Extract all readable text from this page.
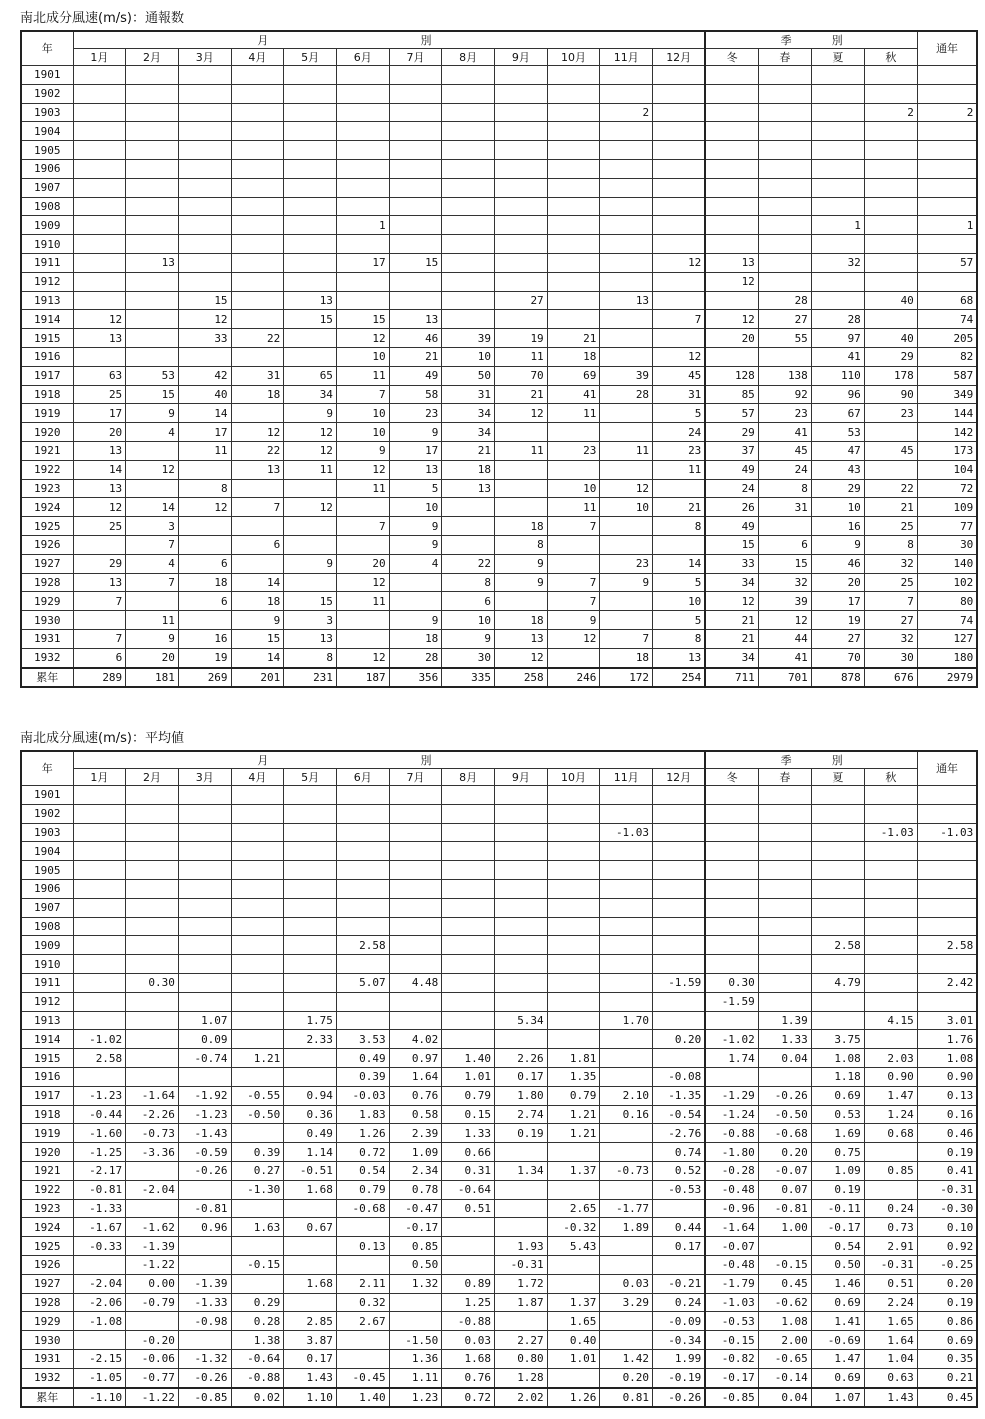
南北成分風速(m/s)：通報数
年	月 別												季 別				通年
	1月	2月	3月	4月	5月	6月	7月	8月	9月	10月	11月	12月	冬	春	夏	秋	
1901																	
1902																	
1903											2					2	2
1904																	
1905																	
1906																	
1907																	
1908																	
1909						1									1		1
1910																	
1911		13				17	15					12	13		32		57
1912													12				
1913			15		13				27		13			28		40	68
1914	12		12		15	15	13					7	12	27	28		74
1915	13		33	22		12	46	39	19	21			20	55	97	40	205
1916						10	21	10	11	18		12			41	29	82
1917	63	53	42	31	65	11	49	50	70	69	39	45	128	138	110	178	587
1918	25	15	40	18	34	7	58	31	21	41	28	31	85	92	96	90	349
1919	17	9	14		9	10	23	34	12	11		5	57	23	67	23	144
1920	20	4	17	12	12	10	9	34				24	29	41	53		142
1921	13		11	22	12	9	17	21	11	23	11	23	37	45	47	45	173
1922	14	12		13	11	12	13	18				11	49	24	43		104
1923	13		8			11	5	13		10	12		24	8	29	22	72
1924	12	14	12	7	12		10			11	10	21	26	31	10	21	109
1925	25	3				7	9		18	7		8	49		16	25	77
1926		7		6			9		8				15	6	9	8	30
1927	29	4	6		9	20	4	22	9		23	14	33	15	46	32	140
1928	13	7	18	14		12		8	9	7	9	5	34	32	20	25	102
1929	7		6	18	15	11		6		7		10	12	39	17	7	80
1930		11		9	3		9	10	18	9		5	21	12	19	27	74
1931	7	9	16	15	13		18	9	13	12	7	8	21	44	27	32	127
1932	6	20	19	14	8	12	28	30	12		18	13	34	41	70	30	180
累年	289	181	269	201	231	187	356	335	258	246	172	254	711	701	878	676	2979
南北成分風速(m/s)：平均値
年	月 別												季 別				通年
	1月	2月	3月	4月	5月	6月	7月	8月	9月	10月	11月	12月	冬	春	夏	秋	
1901																	
1902																	
1903											-1.03					-1.03	-1.03
1904																	
1905																	
1906																	
1907																	
1908																	
1909						2.58									2.58		2.58
1910																	
1911		0.30				5.07	4.48					-1.59	0.30		4.79		2.42
1912													-1.59				
1913			1.07		1.75				5.34		1.70			1.39		4.15	3.01
1914	-1.02		0.09		2.33	3.53	4.02					0.20	-1.02	1.33	3.75		1.76
1915	2.58		-0.74	1.21		0.49	0.97	1.40	2.26	1.81			1.74	0.04	1.08	2.03	1.08
1916						0.39	1.64	1.01	0.17	1.35		-0.08			1.18	0.90	0.90
1917	-1.23	-1.64	-1.92	-0.55	0.94	-0.03	0.76	0.79	1.80	0.79	2.10	-1.35	-1.29	-0.26	0.69	1.47	0.13
1918	-0.44	-2.26	-1.23	-0.50	0.36	1.83	0.58	0.15	2.74	1.21	0.16	-0.54	-1.24	-0.50	0.53	1.24	0.16
1919	-1.60	-0.73	-1.43		0.49	1.26	2.39	1.33	0.19	1.21		-2.76	-0.88	-0.68	1.69	0.68	0.46
1920	-1.25	-3.36	-0.59	0.39	1.14	0.72	1.09	0.66				0.74	-1.80	0.20	0.75		0.19
1921	-2.17		-0.26	0.27	-0.51	0.54	2.34	0.31	1.34	1.37	-0.73	0.52	-0.28	-0.07	1.09	0.85	0.41
1922	-0.81	-2.04		-1.30	1.68	0.79	0.78	-0.64				-0.53	-0.48	0.07	0.19		-0.31
1923	-1.33		-0.81			-0.68	-0.47	0.51		2.65	-1.77		-0.96	-0.81	-0.11	0.24	-0.30
1924	-1.67	-1.62	0.96	1.63	0.67		-0.17			-0.32	1.89	0.44	-1.64	1.00	-0.17	0.73	0.10
1925	-0.33	-1.39				0.13	0.85		1.93	5.43		0.17	-0.07		0.54	2.91	0.92
1926		-1.22		-0.15			0.50		-0.31				-0.48	-0.15	0.50	-0.31	-0.25
1927	-2.04	0.00	-1.39		1.68	2.11	1.32	0.89	1.72		0.03	-0.21	-1.79	0.45	1.46	0.51	0.20
1928	-2.06	-0.79	-1.33	0.29		0.32		1.25	1.87	1.37	3.29	0.24	-1.03	-0.62	0.69	2.24	0.19
1929	-1.08		-0.98	0.28	2.85	2.67		-0.88		1.65		-0.09	-0.53	1.08	1.41	1.65	0.86
1930		-0.20		1.38	3.87		-1.50	0.03	2.27	0.40		-0.34	-0.15	2.00	-0.69	1.64	0.69
1931	-2.15	-0.06	-1.32	-0.64	0.17		1.36	1.68	0.80	1.01	1.42	1.99	-0.82	-0.65	1.47	1.04	0.35
1932	-1.05	-0.77	-0.26	-0.88	1.43	-0.45	1.11	0.76	1.28		0.20	-0.19	-0.17	-0.14	0.69	0.63	0.21
累年	-1.10	-1.22	-0.85	0.02	1.10	1.40	1.23	0.72	2.02	1.26	0.81	-0.26	-0.85	0.04	1.07	1.43	0.45
